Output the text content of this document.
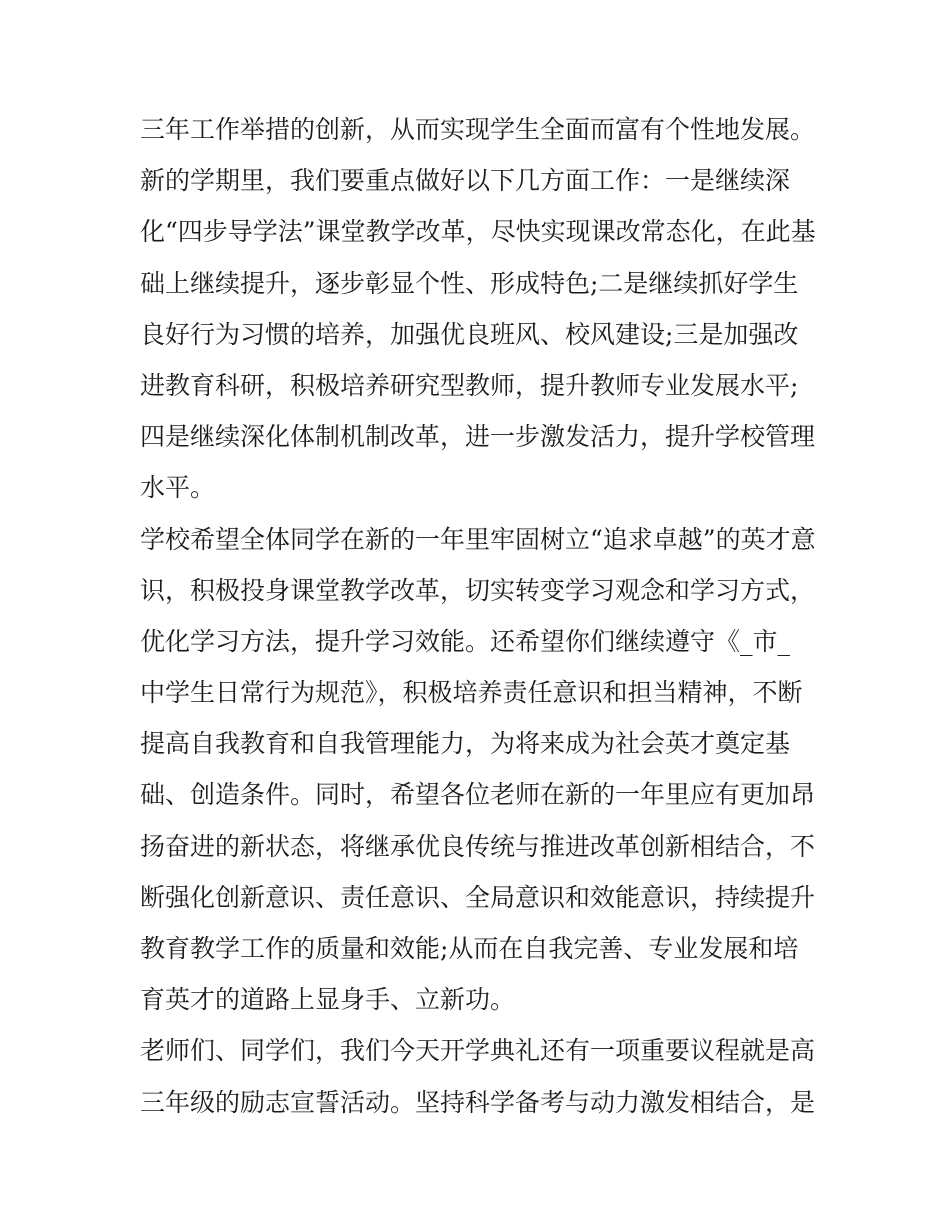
三年工作举措的创新，从而实现学生全面而富有个性地发展。
新的学期里，我们要重点做好以下几方面工作：一是继续深
化“四步导学法”课堂教学改革，尽快实现课改常态化，在此基
础上继续提升，逐步彰显个性、形成特色;二是继续抓好学生
良好行为习惯的培养，加强优良班风、校风建设;三是加强改
进教育科研，积极培养研究型教师，提升教师专业发展水平;
四是继续深化体制机制改革，进一步激发活力，提升学校管理
水平。
学校希望全体同学在新的一年里牢固树立“追求卓越”的英才意
识，积极投身课堂教学改革，切实转变学习观念和学习方式，
优化学习方法，提升学习效能。还希望你们继续遵守《_市_
中学生日常行为规范》，积极培养责任意识和担当精神，不断
提高自我教育和自我管理能力，为将来成为社会英才奠定基
础、创造条件。同时，希望各位老师在新的一年里应有更加昂
扬奋进的新状态，将继承优良传统与推进改革创新相结合，不
断强化创新意识、责任意识、全局意识和效能意识，持续提升
教育教学工作的质量和效能;从而在自我完善、专业发展和培
育英才的道路上显身手、立新功。
老师们、同学们，我们今天开学典礼还有一项重要议程就是高
三年级的励志宣誓活动。坚持科学备考与动力激发相结合，是
